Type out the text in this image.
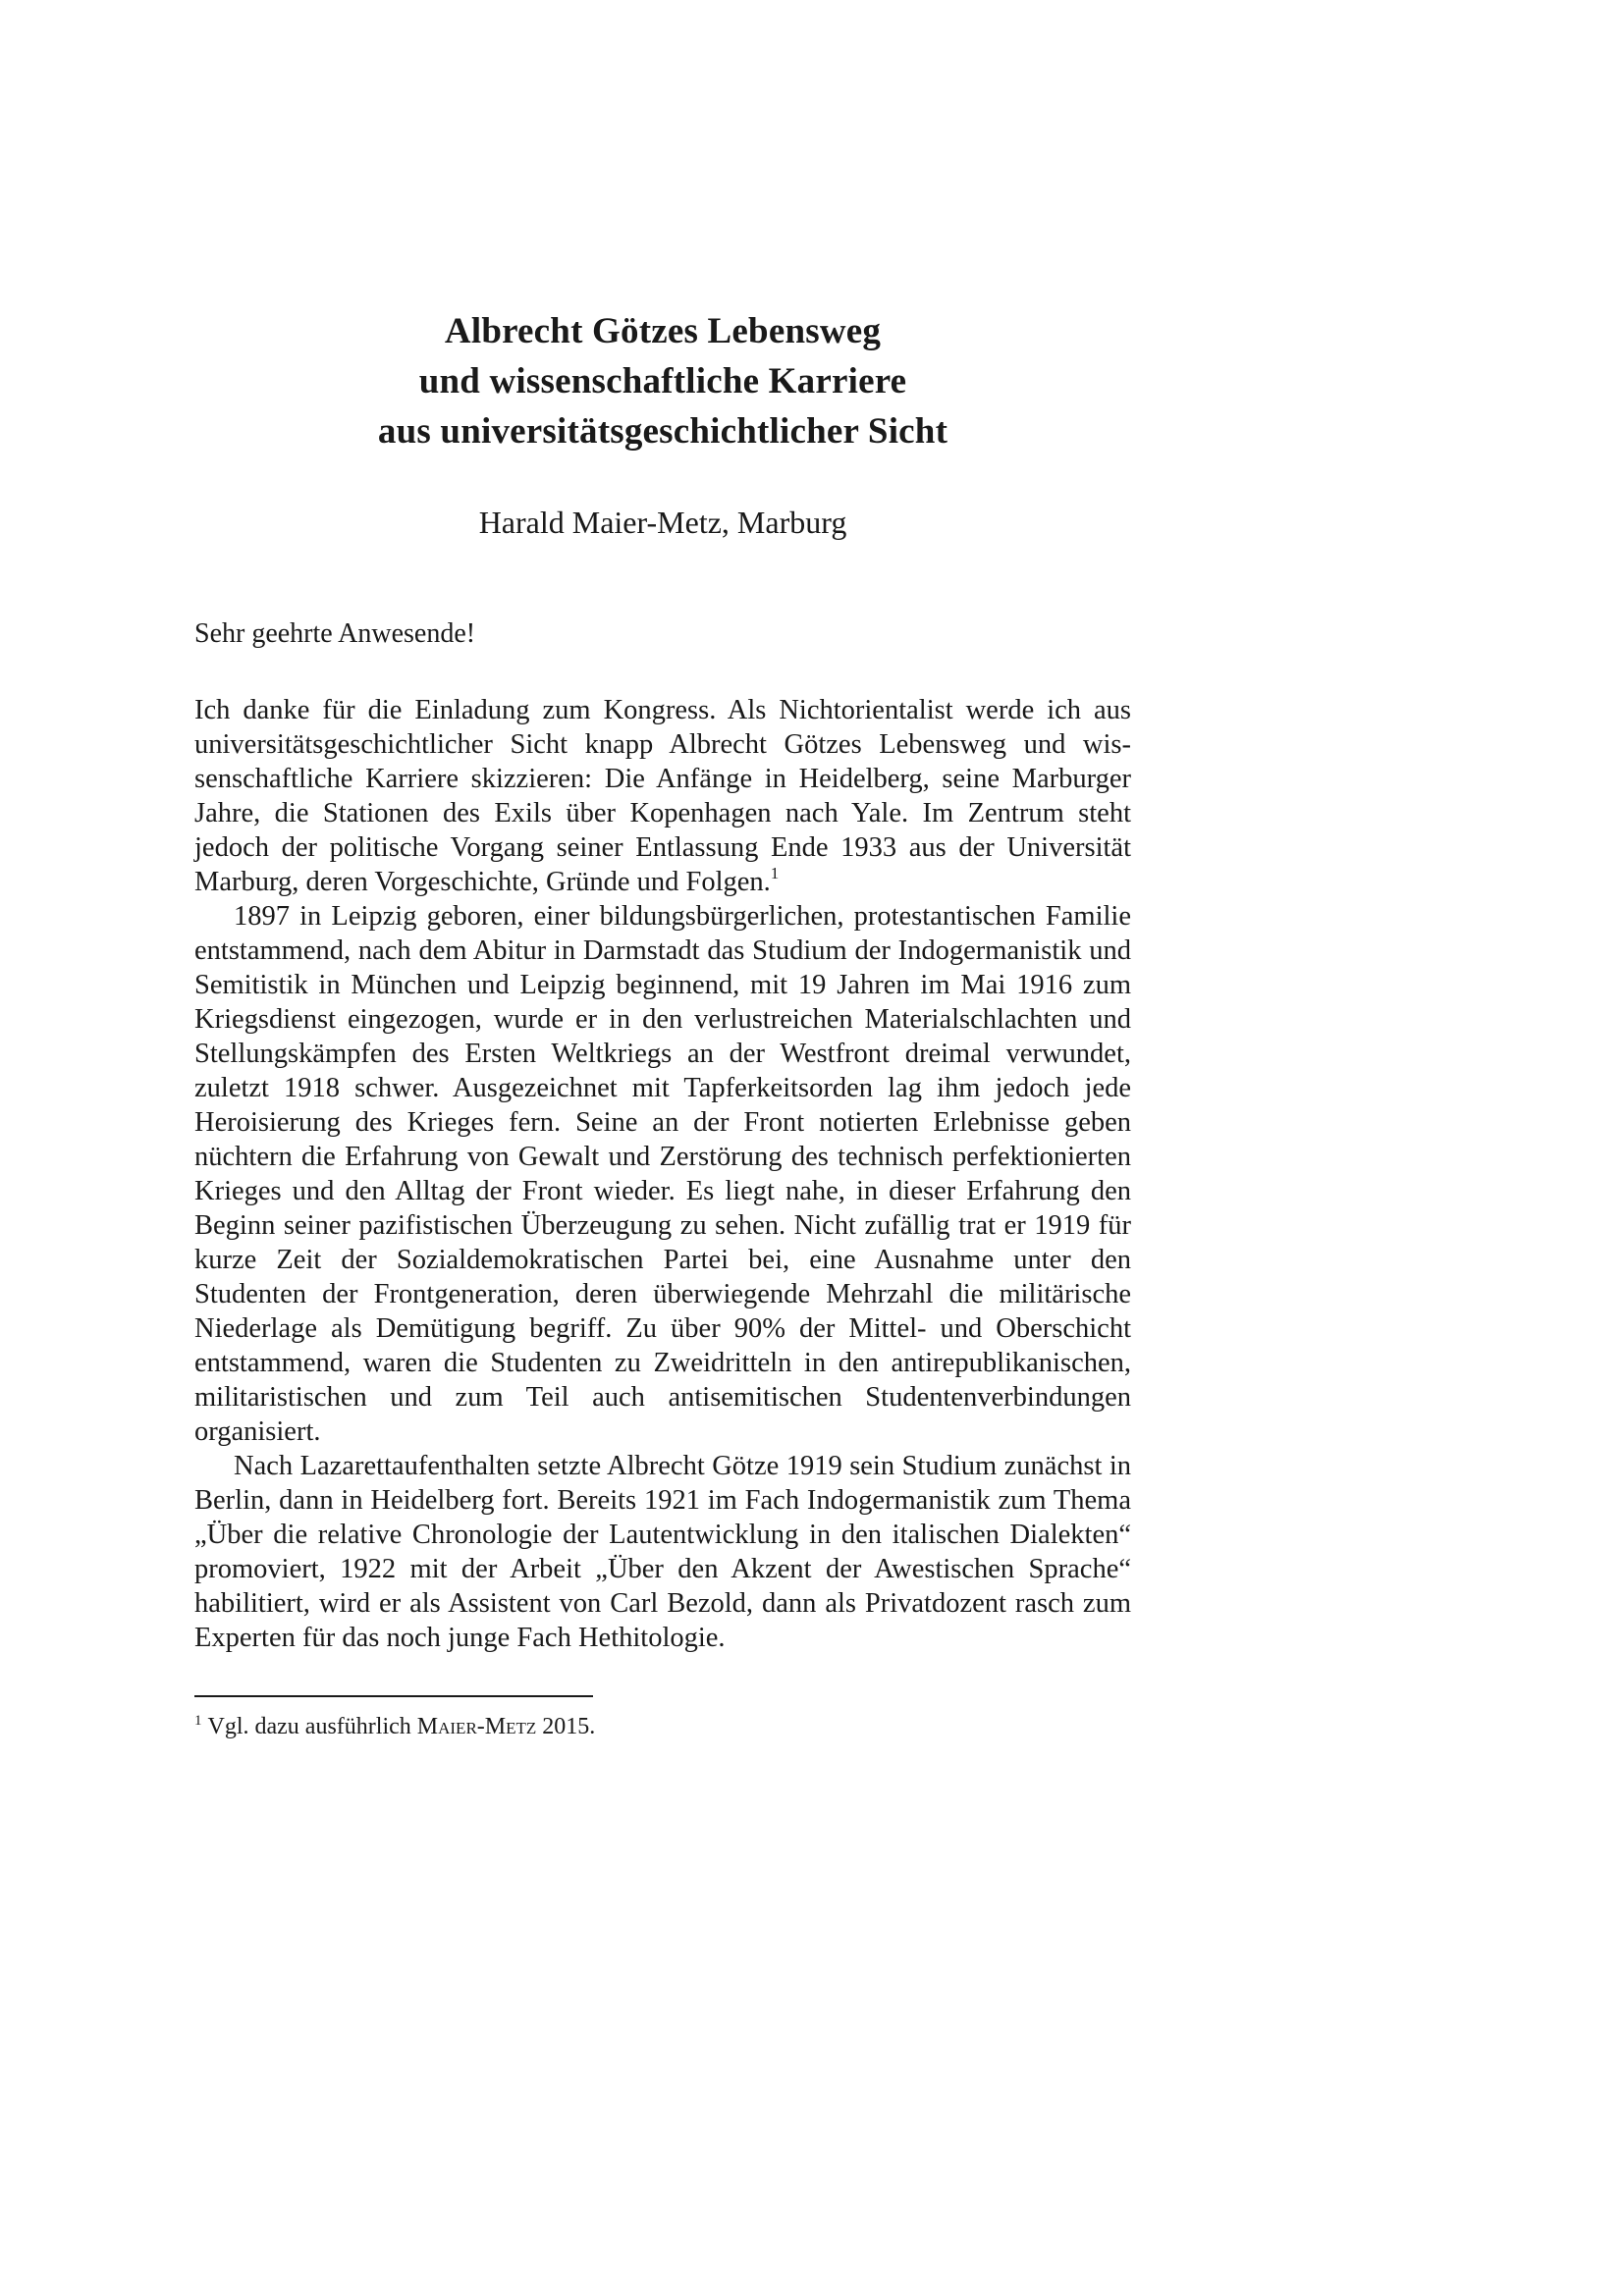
Albrecht Götzes Lebensweg
und wissenschaftliche Karriere
aus universitätsgeschichtlicher Sicht
Harald Maier-Metz, Marburg
Sehr geehrte Anwesende!

Ich danke für die Einladung zum Kongress. Als Nichtorientalist werde ich aus universitätsgeschichtlicher Sicht knapp Albrecht Götzes Lebensweg und wissenschaftliche Karriere skizzieren: Die Anfänge in Heidelberg, seine Marburger Jahre, die Stationen des Exils über Kopenhagen nach Yale. Im Zentrum steht jedoch der politische Vorgang seiner Entlassung Ende 1933 aus der Universität Marburg, deren Vorgeschichte, Gründe und Folgen.$^1$

1897 in Leipzig geboren, einer bildungsbürgerlichen, protestantischen Familie entstammend, nach dem Abitur in Darmstadt das Studium der Indogermanistik und Semitistik in München und Leipzig beginnend, mit 19 Jahren im Mai 1916 zum Kriegsdienst eingezogen, wurde er in den verlustreichen Materialschlachten und Stellungskämpfen des Ersten Weltkriegs an der Westfront dreimal verwundet, zuletzt 1918 schwer. Ausgezeichnet mit Tapferkeitsorden lag ihm jedoch jede Heroisierung des Krieges fern. Seine an der Front notierten Erlebnisse geben nüchtern die Erfahrung von Gewalt und Zerstörung des technisch perfektionierten Krieges und den Alltag der Front wieder. Es liegt nahe, in dieser Erfahrung den Beginn seiner pazifistischen Überzeugung zu sehen. Nicht zufällig trat er 1919 für kurze Zeit der Sozialdemokratischen Partei bei, eine Ausnahme unter den Studenten der Frontgeneration, deren überwiegende Mehrzahl die militärische Niederlage als Demütigung begriff. Zu über 90% der Mittel- und Oberschicht entstammend, waren die Studenten zu Zweidritteln in den antirepublikanischen, militaristischen und zum Teil auch antisemitischen Studentenverbindungen organisiert.

Nach Lazarettaufenthalten setzte Albrecht Götze 1919 sein Studium zunächst in Berlin, dann in Heidelberg fort. Bereits 1921 im Fach Indogermanistik zum Thema „Über die relative Chronologie der Lautentwicklung in den italischen Dialekten“ promoviert, 1922 mit der Arbeit „Über den Akzent der Awestischen Sprache“ habilitiert, wird er als Assistent von Carl Bezold, dann als Privatdozent rasch zum Experten für das noch junge Fach Hethitologie.

$^1$ Vgl. dazu ausführlich Maier-Metz 2015.
